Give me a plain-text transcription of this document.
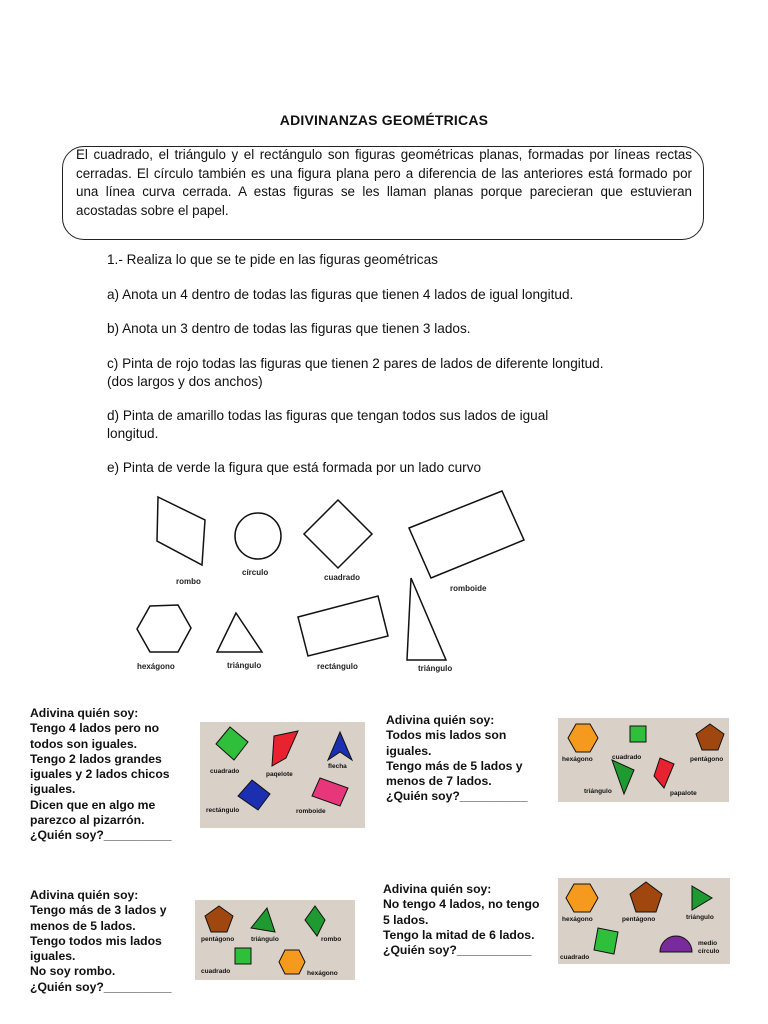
ADIVINANZAS GEOMÉTRICAS
El cuadrado, el triángulo y el rectángulo son figuras geométricas planas, formadas por líneas rectas cerradas. El círculo también es una figura plana pero a diferencia de las anteriores está formado por una línea curva cerrada. A estas figuras se les llaman planas porque parecieran que estuvieran acostadas sobre el papel.
1.- Realiza lo que se te pide en las figuras geométricas
a) Anota un 4 dentro de todas las figuras que tienen 4 lados de igual longitud.
b) Anota un 3 dentro de todas las figuras que tienen 3 lados.
c) Pinta de rojo todas las figuras que tienen 2 pares de lados de diferente longitud.
(dos largos y dos anchos)
d) Pinta de amarillo todas las figuras que tengan todos sus lados de igual
longitud.
e) Pinta de verde la figura que está formada por un lado curvo
rombo
círculo
cuadrado
romboide
hexágono	triángulo	rectángulo	triángulo
Adivina quién soy:
Tengo 4 lados pero no
todos son iguales.
Tengo 2 lados grandes
iguales y 2 lados chicos
iguales.
Dicen que en algo me
parezco al pizarrón.
¿Quién soy?__________
cuadrado	paqelote
flecha
rectángulo	romboide
Adivina quién soy:
Todos mis lados son
iguales.
Tengo más de 5 lados y
menos de 7 lados.
¿Quién soy?__________
hexágono	cuadrado	pentágono
triángulo	papalote
Adivina quién soy:
Tengo más de 3 lados y
menos de 5 lados.
Tengo todos mis lados
iguales.
No soy rombo.
¿Quién soy?__________
pentágono	triángulo	rombo
cuadrado	hexágono
Adivina quién soy:
No tengo 4 lados, no tengo
5 lados.
Tengo la mitad de 6 lados.
¿Quién soy?___________
hexágono	pentágono	triángulo
cuadrado
medio
círculo
